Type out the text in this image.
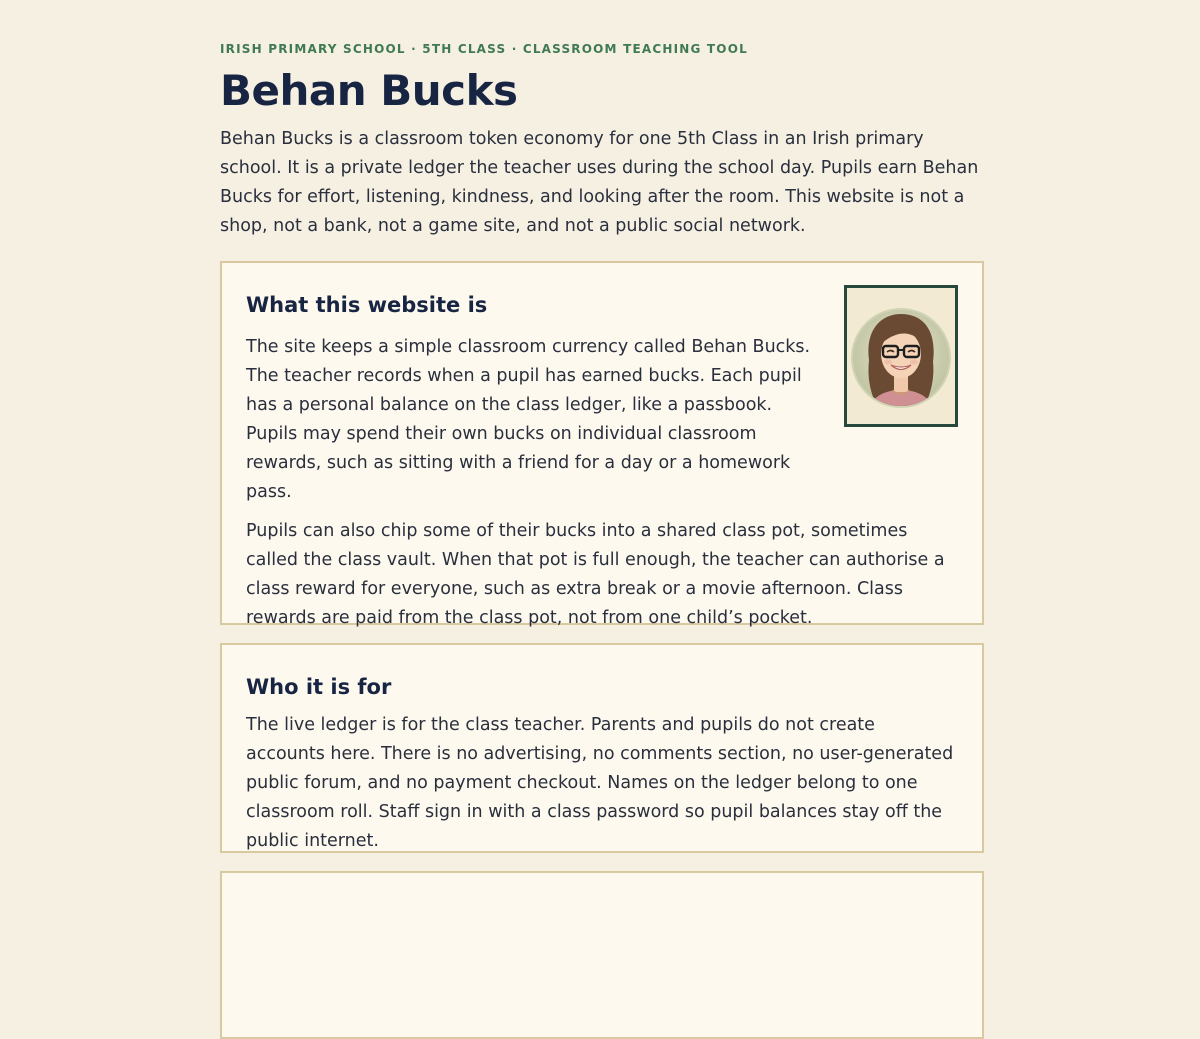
IRISH PRIMARY SCHOOL · 5TH CLASS · CLASSROOM TEACHING TOOL

Behan Bucks

Behan Bucks is a classroom token economy for one 5th Class in an Irish primary school. It is a private ledger the teacher uses during the school day. Pupils earn Behan Bucks for effort, listening, kindness, and looking after the room. This website is not a shop, not a bank, not a game site, and not a public social network.

What this website is

The site keeps a simple classroom currency called Behan Bucks. The teacher records when a pupil has earned bucks. Each pupil has a personal balance on the class ledger, like a passbook. Pupils may spend their own bucks on individual classroom rewards, such as sitting with a friend for a day or a homework pass.

Pupils can also chip some of their bucks into a shared class pot, sometimes called the class vault. When that pot is full enough, the teacher can authorise a class reward for everyone, such as extra break or a movie afternoon. Class rewards are paid from the class pot, not from one child’s pocket.

Who it is for

The live ledger is for the class teacher. Parents and pupils do not create accounts here. There is no advertising, no comments section, no user-generated public forum, and no payment checkout. Names on the ledger belong to one classroom roll. Staff sign in with a class password so pupil balances stay off the public internet.
